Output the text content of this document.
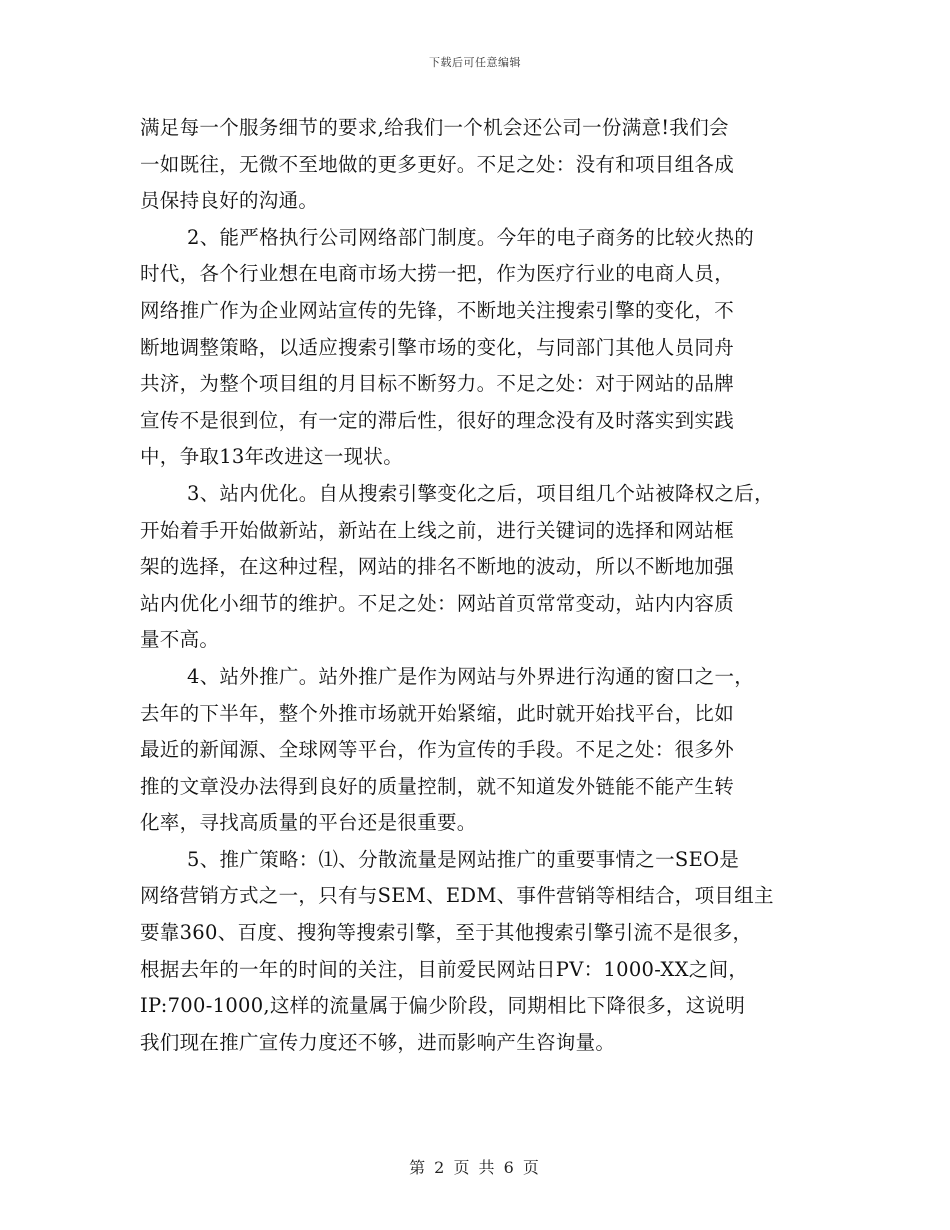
下载后可任意编辑
满足每一个服务细节的要求,给我们一个机会还公司一份满意!我们会
一如既往，无微不至地做的更多更好。不足之处：没有和项目组各成
员保持良好的沟通。
2、能严格执行公司网络部门制度。今年的电子商务的比较火热的
时代，各个行业想在电商市场大捞一把，作为医疗行业的电商人员，
网络推广作为企业网站宣传的先锋，不断地关注搜索引擎的变化，不
断地调整策略，以适应搜索引擎市场的变化，与同部门其他人员同舟
共济，为整个项目组的月目标不断努力。不足之处：对于网站的品牌
宣传不是很到位，有一定的滞后性，很好的理念没有及时落实到实践
中，争取13年改进这一现状。
3、站内优化。自从搜索引擎变化之后，项目组几个站被降权之后，
开始着手开始做新站，新站在上线之前，进行关键词的选择和网站框
架的选择，在这种过程，网站的排名不断地的波动，所以不断地加强
站内优化小细节的维护。不足之处：网站首页常常变动，站内内容质
量不高。
4、站外推广。站外推广是作为网站与外界进行沟通的窗口之一，
去年的下半年，整个外推市场就开始紧缩，此时就开始找平台，比如
最近的新闻源、全球网等平台，作为宣传的手段。不足之处：很多外
推的文章没办法得到良好的质量控制，就不知道发外链能不能产生转
化率，寻找高质量的平台还是很重要。
5、推广策略：⑴、分散流量是网站推广的重要事情之一SEO是
网络营销方式之一，只有与SEM、EDM、事件营销等相结合，项目组主
要靠360、百度、搜狗等搜索引擎，至于其他搜索引擎引流不是很多，
根据去年的一年的时间的关注，目前爱民网站日PV：1000-XX之间，
IP:700-1000,这样的流量属于偏少阶段，同期相比下降很多，这说明
我们现在推广宣传力度还不够，进而影响产生咨询量。
第 2 页 共 6 页
